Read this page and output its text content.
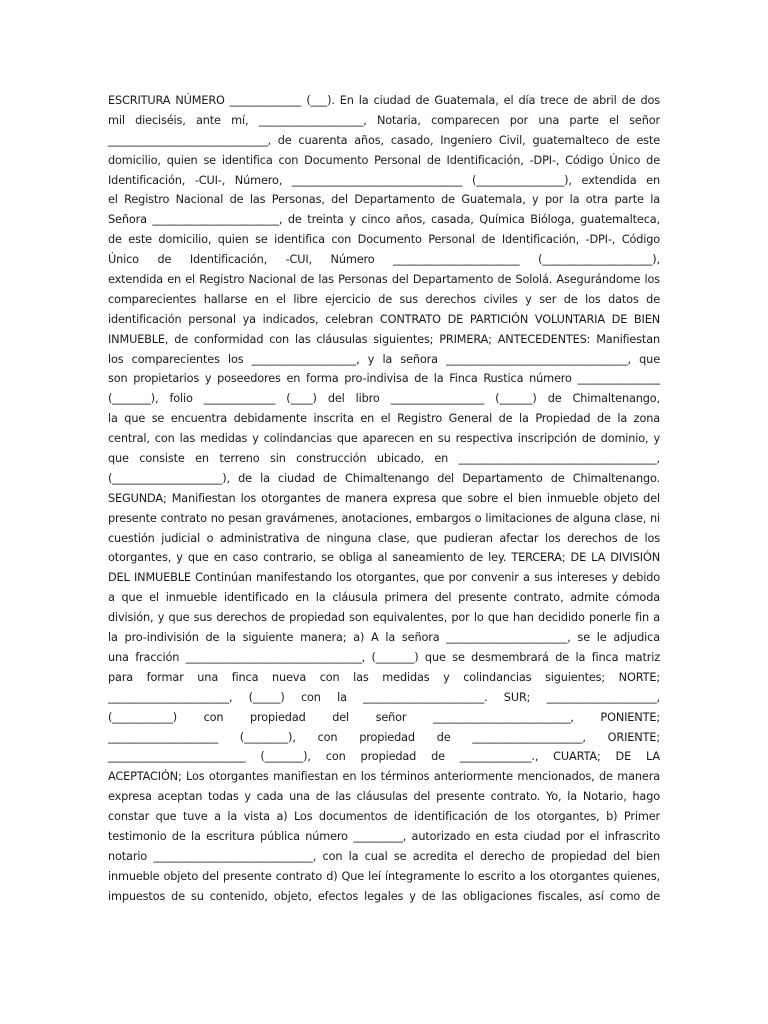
ESCRITURA NÚMERO _____________ (___). En la ciudad de Guatemala, el día trece de abril de dos
mil dieciséis, ante mí, ___________________, Notaria, comparecen por una parte el señor
_____________________________, de cuarenta años, casado, Ingeniero Civil, guatemalteco de este
domicilio, quien se identifica con Documento Personal de Identificación, -DPI-, Código Único de
Identificación, -CUI-, Número, _______________________________ (________________), extendida en
el Registro Nacional de las Personas, del Departamento de Guatemala, y por la otra parte la
Señora _______________________, de treinta y cinco años, casada, Química Bióloga, guatemalteca,
de este domicilio, quien se identifica con Documento Personal de Identificación, -DPI-, Código
Único de Identificación, -CUI, Número _______________________ (____________________),
extendida en el Registro Nacional de las Personas del Departamento de Sololá. Asegurándome los
comparecientes hallarse en el libre ejercicio de sus derechos civiles y ser de los datos de
identificación personal ya indicados, celebran CONTRATO DE PARTICIÓN VOLUNTARIA DE BIEN
INMUEBLE, de conformidad con las cláusulas siguientes; PRIMERA; ANTECEDENTES: Manifiestan
los comparecientes los ___________________, y la señora _________________________________, que
son propietarios y poseedores en forma pro-indivisa de la Finca Rustica número _______________
(_______), folio _____________ (____) del libro _________________ (______) de Chimaltenango,
la que se encuentra debidamente inscrita en el Registro General de la Propiedad de la zona
central, con las medidas y colindancias que aparecen en su respectiva inscripción de dominio, y
que consiste en terreno sin construcción ubicado, en ____________________________________,
(____________________), de la ciudad de Chimaltenango del Departamento de Chimaltenango.
SEGUNDA; Manifiestan los otorgantes de manera expresa que sobre el bien inmueble objeto del
presente contrato no pesan gravámenes, anotaciones, embargos o limitaciones de alguna clase, ni
cuestión judicial o administrativa de ninguna clase, que pudieran afectar los derechos de los
otorgantes, y que en caso contrario, se obliga al saneamiento de ley. TERCERA; DE LA DIVISIÓN
DEL INMUEBLE Continúan manifestando los otorgantes, que por convenir a sus intereses y debido
a que el inmueble identificado en la cláusula primera del presente contrato, admite cómoda
división, y que sus derechos de propiedad son equivalentes, por lo que han decidido ponerle fin a
la pro-indivisión de la siguiente manera; a) A la señora ______________________, se le adjudica
una fracción ________________________________, (_______) que se desmembrará de la finca matriz
para formar una finca nueva con las medidas y colindancias siguientes; NORTE;
______________________, (_____) con la ______________________. SUR; ____________________,
(___________) con propiedad del señor _________________________, PONIENTE;
____________________ (________), con propiedad de ____________________, ORIENTE;
_________________________ (_______), con propiedad de _____________., CUARTA; DE LA
ACEPTACIÓN; Los otorgantes manifiestan en los términos anteriormente mencionados, de manera
expresa aceptan todas y cada una de las cláusulas del presente contrato. Yo, la Notario, hago
constar que tuve a la vista a) Los documentos de identificación de los otorgantes, b) Primer
testimonio de la escritura pública número _________, autorizado en esta ciudad por el infrascrito
notario _____________________________, con la cual se acredita el derecho de propiedad del bien
inmueble objeto del presente contrato d) Que leí íntegramente lo escrito a los otorgantes quienes,
impuestos de su contenido, objeto, efectos legales y de las obligaciones fiscales, así como de
